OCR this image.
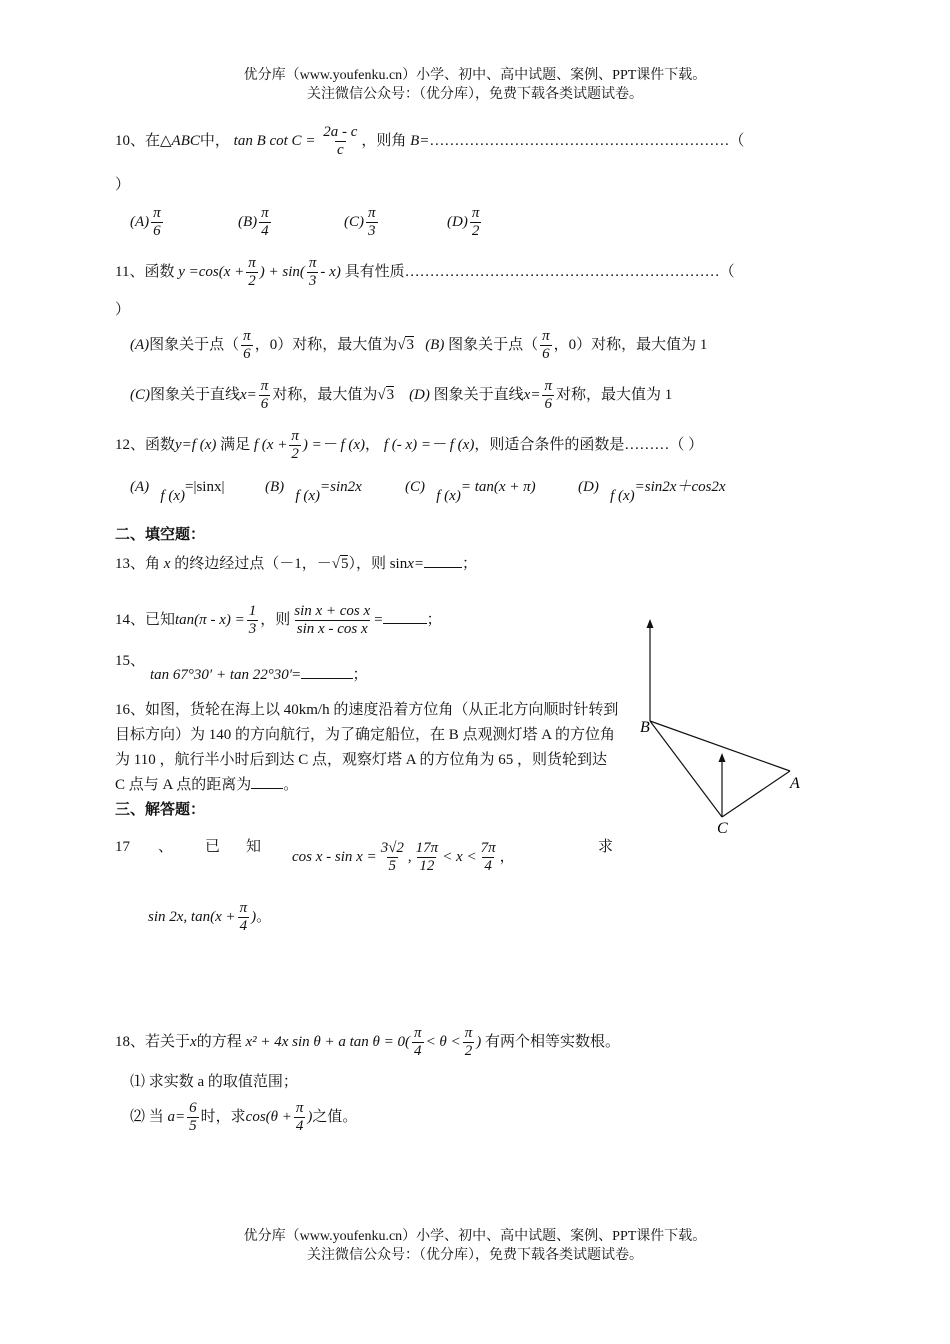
优分库（www.youfenku.cn）小学、初中、高中试题、案例、PPT课件下载。
关注微信公众号：（优分库），免费下载各类试题试卷。
10、在△ABC中， tan B $\cot C = \frac{2a - c}{c}$ ，则角 B=……………………………………………………（
）
$(A) \frac{\pi}{6}$	$(B) \frac{\pi}{4}$	$(C) \frac{\pi}{3}$	$(D) \frac{\pi}{2}$
11、函数 $y =\cos(x + \frac{\pi}{2}$ ) + $\sin( \frac{\pi}{3} - x)$ 具有性质………………………………………………………（
）
(A)图象关于点（ $\frac{\pi}{6}$ ，0）对称，最大值为√3 (B) 图象关于点（ $\frac{\pi}{6}$ ，0）对称，最大值为 1
(C)图象关于直线$x= \frac{\pi}{6}$ 对称，最大值为√3 (D) 图象关于直线$x= \frac{\pi}{6}$ 对称，最大值为 1
12、函数y=f (x) 满足 f ($x + \frac{\pi}{2}$ ) =－ f (x)， f (- x) =－ f (x)，则适合条件的函数是………（ ）
(A)   f (x)=|sinx|	(B)   f (x)=sin2x	(C)   f (x)= tan(x + π)	(D)   f (x)=sin2x＋cos2x
二、填空题：
13、角 x 的终边经过点（－1，－√5），则 sinx=	；
14、已知$\tan(\pi - x) = \frac{1}{3}$ ，则 $\frac{\text{sin x + cos x}}{\text{sin x - cos x}}$ =	；
15、
tan 67°30′ + tan 22°30′=	；
16、如图，货轮在海上以 40km/h 的速度沿着方位角（从正北方向顺时针转到目标方向）为 140 的方向航行，为了确定船位，在 B 点观测灯塔 A 的方位角为 110 ，航行半小时后到达 C 点，观察灯塔 A 的方位角为 65 ，则货轮到达 C 点与 A 点的距离为 。
B
A
C
三、解答题：
17 、 已 知
$\cos x - \sin x = \frac{3√2}{5}$ , $\frac{17\pi}{12} < x < \frac{7\pi}{4}$ ，
求
sin 2x, $\tan(x + \frac{\pi}{4}$ )。
18、若关于x的方程 x² + 4x sin θ + a $\tan \theta = 0( \frac{\pi}{4} < \theta < \frac{\pi}{2}$ ) 有两个相等实数根。
⑴ 求实数 a 的取值范围；
⑵ 当 $a= \frac{6}{5}$ 时，求$\cos(\theta + \frac{\pi}{4}$ )之值。
优分库（www.youfenku.cn）小学、初中、高中试题、案例、PPT课件下载。
关注微信公众号：（优分库），免费下载各类试题试卷。
